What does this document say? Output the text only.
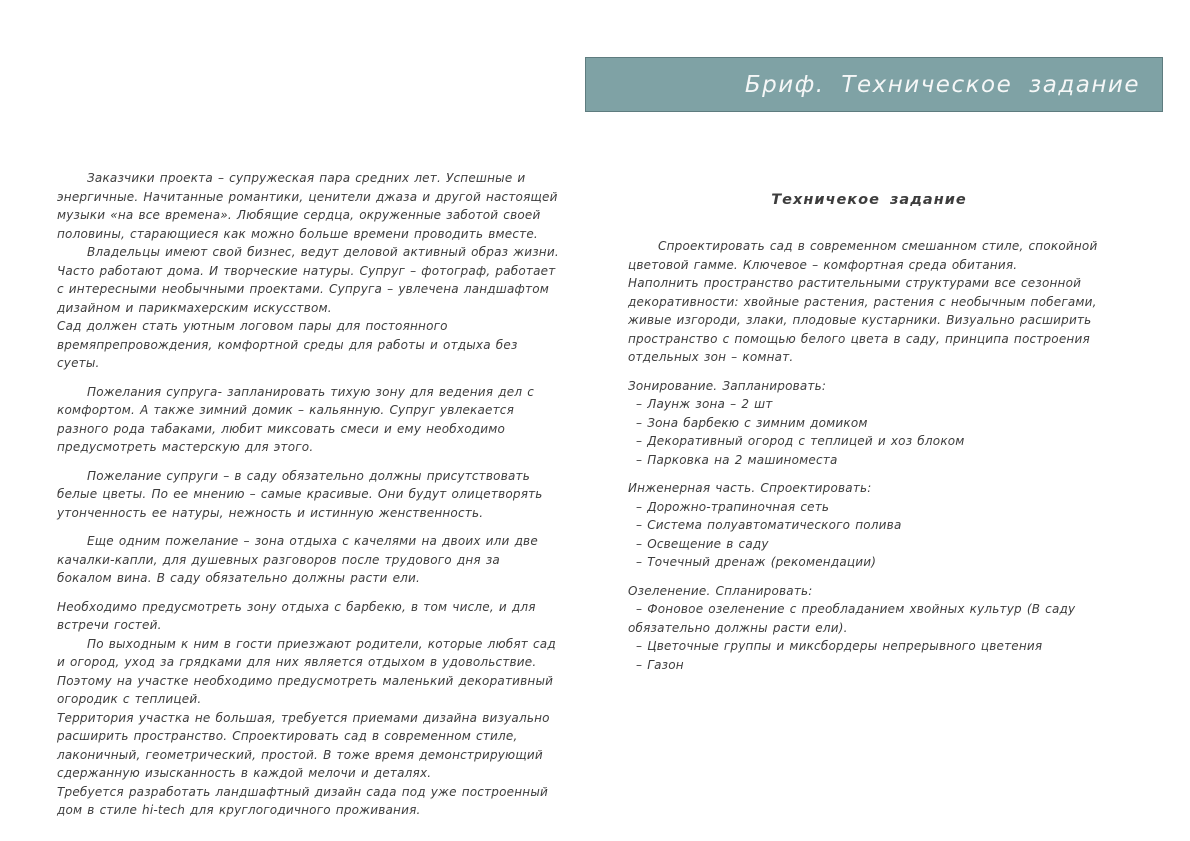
Бриф. Техническое задание

Заказчики проекта – супружеская пара средних лет. Успешные и энергичные. Начитанные романтики, ценители джаза и другой настоящей музыки «на все времена». Любящие сердца, окруженные заботой своей половины, старающиеся как можно больше времени проводить вместе.

Владельцы имеют свой бизнес, ведут деловой активный образ жизни. Часто работают дома. И творческие натуры. Супруг – фотограф, работает с интересными необычными проектами. Супруга – увлечена ландшафтом дизайном и парикмахерским искусством.

Сад должен стать уютным логовом пары для постоянного времяпрепровождения, комфортной среды для работы и отдыха без суеты.

Пожелания супруга- запланировать тихую зону для ведения дел с комфортом. А также зимний домик – кальянную. Супруг увлекается разного рода табаками, любит миксовать смеси и ему необходимо предусмотреть мастерскую для этого.

Пожелание супруги – в саду обязательно должны присутствовать белые цветы. По ее мнению – самые красивые. Они будут олицетворять утонченность ее натуры, нежность и истинную женственность.

Еще одним пожелание – зона отдыха с качелями на двоих или две качалки-капли, для душевных разговоров после трудового дня за бокалом вина. В саду обязательно должны расти ели.

Необходимо предусмотреть зону отдыха с барбекю, в том числе, и для встречи гостей.

По выходным к ним в гости приезжают родители, которые любят сад и огород, уход за грядками для них является отдыхом в удовольствие. Поэтому на участке необходимо предусмотреть маленький декоративный огородик с теплицей.

Территория участка не большая, требуется приемами дизайна визуально расширить пространство. Спроектировать сад в современном стиле, лаконичный, геометрический, простой. В тоже время демонстрирующий сдержанную изысканность в каждой мелочи и деталях.

Требуется разработать ландшафтный дизайн сада под уже построенный дом в стиле hi-tech для круглогодичного проживания.

Техничекое задание

Спроектировать сад в современном смешанном стиле, спокойной цветовой гамме. Ключевое – комфортная среда обитания.

Наполнить пространство растительными структурами все сезонной декоративности: хвойные растения, растения с необычным побегами, живые изгороди, злаки, плодовые кустарники. Визуально расширить пространство с помощью белого цвета в саду, принципа построения отдельных зон – комнат.

Зонирование. Запланировать:

– Лаунж зона – 2 шт

– Зона барбекю с зимним домиком

– Декоративный огород с теплицей и хоз блоком

– Парковка на 2 машиноместа

Инженерная часть. Спроектировать:

– Дорожно-трапиночная сеть

– Система полуавтоматического полива

– Освещение в саду

– Точечный дренаж (рекомендации)

Озеленение. Спланировать:

– Фоновое озеленение с преобладанием хвойных культур (В саду обязательно должны расти ели).

– Цветочные группы и миксбордеры непрерывного цветения

– Газон
